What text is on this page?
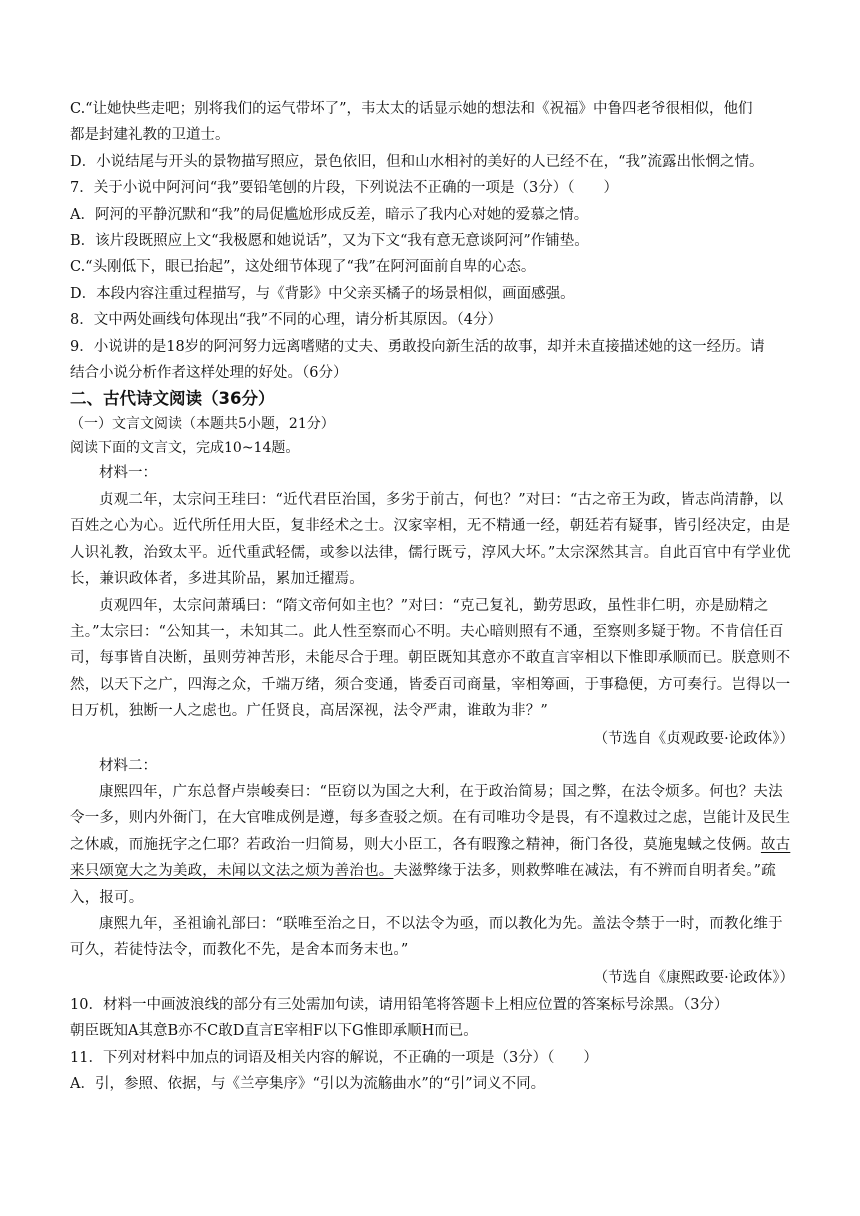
C.“让她快些走吧；别将我们的运气带坏了”，韦太太的话显示她的想法和《祝福》中鲁四老爷很相似，他们
都是封建礼教的卫道士。
D．小说结尾与开头的景物描写照应，景色依旧，但和山水相衬的美好的人已经不在，“我”流露出怅惘之情。
7．关于小说中阿河问“我”要铅笔刨的片段，下列说法不正确的一项是（3分）（　　）
A．阿河的平静沉默和“我”的局促尴尬形成反差，暗示了我内心对她的爱慕之情。
B．该片段既照应上文“我极愿和她说话”，又为下文“我有意无意谈阿河”作铺垫。
C.“头刚低下，眼已抬起”，这处细节体现了“我”在阿河面前自卑的心态。
D．本段内容注重过程描写，与《背影》中父亲买橘子的场景相似，画面感强。
8．文中两处画线句体现出“我”不同的心理，请分析其原因。（4分）
9．小说讲的是18岁的阿河努力远离嗜赌的丈夫、勇敢投向新生活的故事，却并未直接描述她的这一经历。请
结合小说分析作者这样处理的好处。（6分）
二、古代诗文阅读（36分）
（一）文言文阅读（本题共5小题，21分）
阅读下面的文言文，完成10~14题。
材料一：

贞观二年，太宗问王珪曰：“近代君臣治国，多劣于前古，何也？”对曰：“古之帝王为政，皆志尚清静，以百姓之心为心。近代所任用大臣，复非经术之士。汉家宰相，无不精通一经，朝廷若有疑事，皆引经决定，由是人识礼教，治致太平。近代重武轻儒，或参以法律，儒行既亏，淳风大坏。”太宗深然其言。自此百官中有学业优长，兼识政体者，多进其阶品，累加迁擢焉。

贞观四年，太宗问萧瑀曰：“隋文帝何如主也？”对曰：“克己复礼，勤劳思政，虽性非仁明，亦是励精之主。”太宗曰：“公知其一，未知其二。此人性至察而心不明。夫心暗则照有不通，至察则多疑于物。不肯信任百司，每事皆自决断，虽则劳神苦形，未能尽合于理。朝臣既知其意亦不敢直言宰相以下惟即承顺而已。朕意则不然，以天下之广，四海之众，千端万绪，须合变通，皆委百司商量，宰相筹画，于事稳便，方可奏行。岂得以一日万机，独断一人之虑也。广任贤良，高居深视，法令严肃，谁敢为非？”

（节选自《贞观政要·论政体》）
材料二：

康熙四年，广东总督卢崇峻奏曰：“臣窃以为国之大利，在于政治简易；国之弊，在法令烦多。何也？夫法令一多，则内外衙门，在大官唯成例是遵，每多查驳之烦。在有司唯功令是畏，有不遑救过之虑，岂能计及民生之休戚，而施抚字之仁耶？若政治一归简易，则大小臣工，各有暇豫之精神，衙门各役，莫施鬼蜮之伎俩。故古来只颂宽大之为美政，未闻以文法之烦为善治也。夫滋弊缘于法多，则救弊唯在减法，有不辨而自明者矣。”疏入，报可。

康熙九年，圣祖谕礼部曰：“联唯至治之日，不以法令为亟，而以教化为先。盖法令禁于一时，而教化维于可久，若徒恃法令，而教化不先，是舍本而务末也。”

（节选自《康熙政要·论政体》）
10．材料一中画波浪线的部分有三处需加句读，请用铅笔将答题卡上相应位置的答案标号涂黑。（3分）
朝臣既知A其意B亦不C敢D直言E宰相F以下G惟即承顺H而已。
11．下列对材料中加点的词语及相关内容的解说，不正确的一项是（3分）（　　）
A．引，参照、依据，与《兰亭集序》“引以为流觞曲水”的“引”词义不同。
